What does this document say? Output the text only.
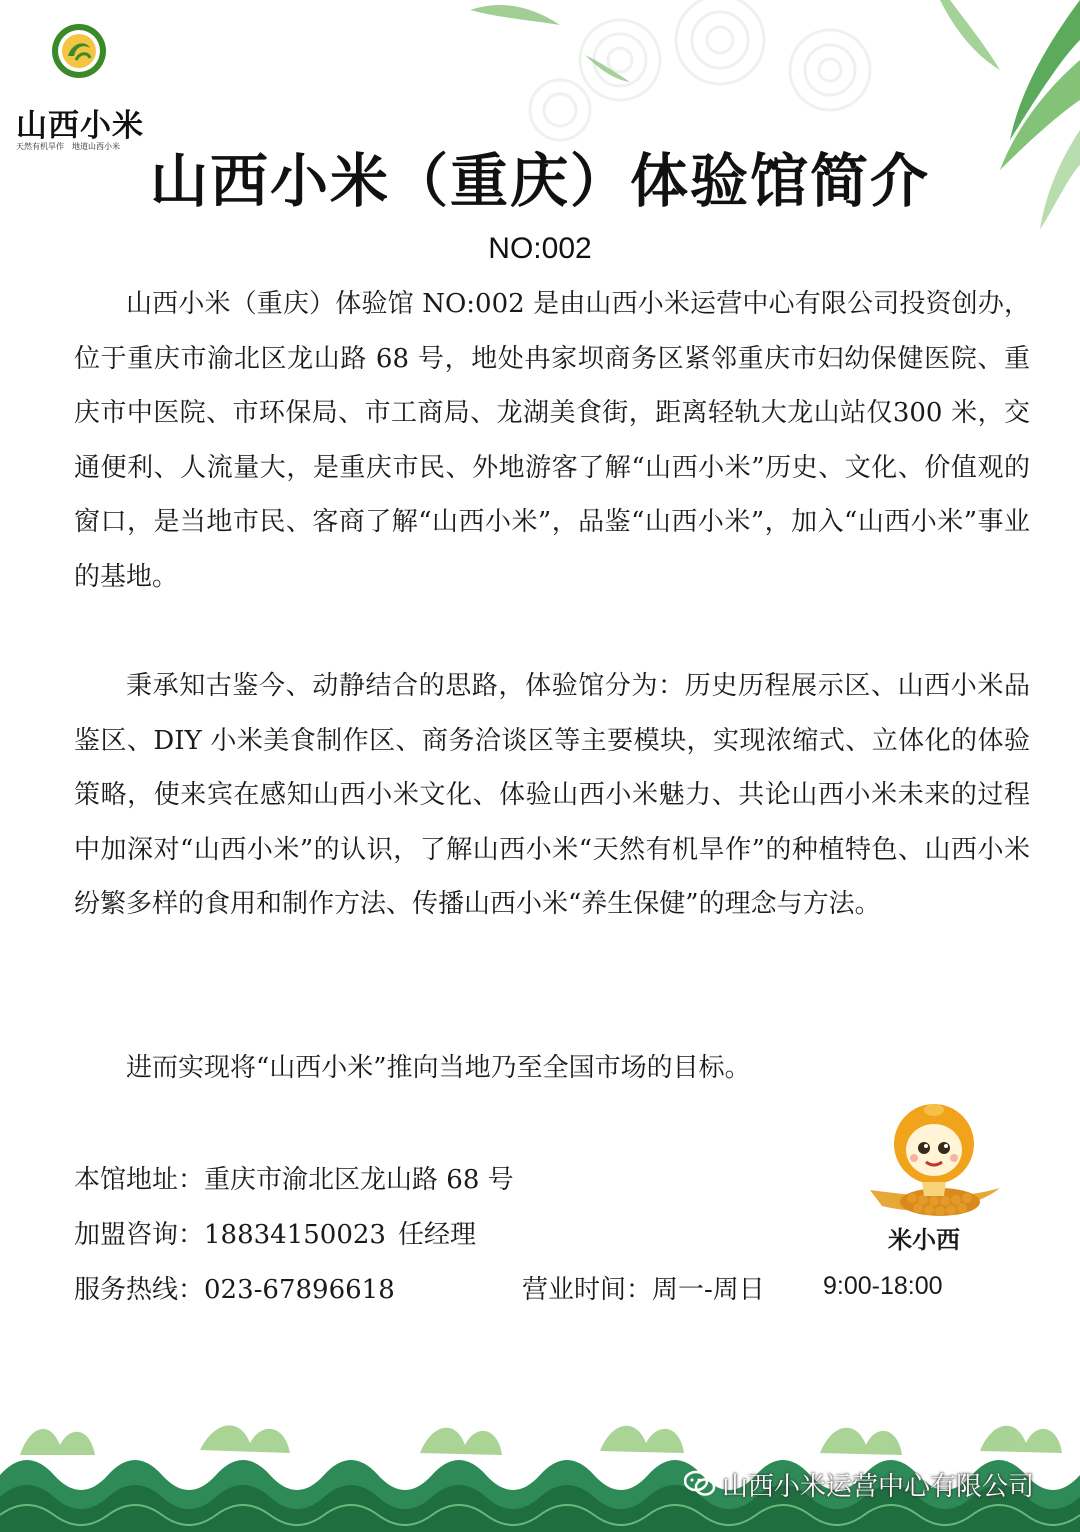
山西小米
天然有机旱作　地道山西小米
山西小米（重庆）体验馆简介
NO:002

山西小米（重庆）体验馆 NO:002 是由山西小米运营中心有限公司投资创办，位于重庆市渝北区龙山路 68 号，地处冉家坝商务区紧邻重庆市妇幼保健医院、重庆市中医院、市环保局、市工商局、龙湖美食街，距离轻轨大龙山站仅300 米，交通便利、人流量大，是重庆市民、外地游客了解“山西小米”历史、文化、价值观的窗口，是当地市民、客商了解“山西小米”，品鉴“山西小米”，加入“山西小米”事业的基地。

秉承知古鉴今、动静结合的思路，体验馆分为：历史历程展示区、山西小米品鉴区、DIY 小米美食制作区、商务洽谈区等主要模块，实现浓缩式、立体化的体验策略，使来宾在感知山西小米文化、体验山西小米魅力、共论山西小米未来的过程中加深对“山西小米”的认识，了解山西小米“天然有机旱作”的种植特色、山西小米纷繁多样的食用和制作方法、传播山西小米“养生保健”的理念与方法。

进而实现将“山西小米”推向当地乃至全国市场的目标。

本馆地址：重庆市渝北区龙山路 68 号
加盟咨询：18834150023 任经理
服务热线：023-67896618	营业时间：周一-周日 9:00-18:00
米小西
山西小米运营中心有限公司
